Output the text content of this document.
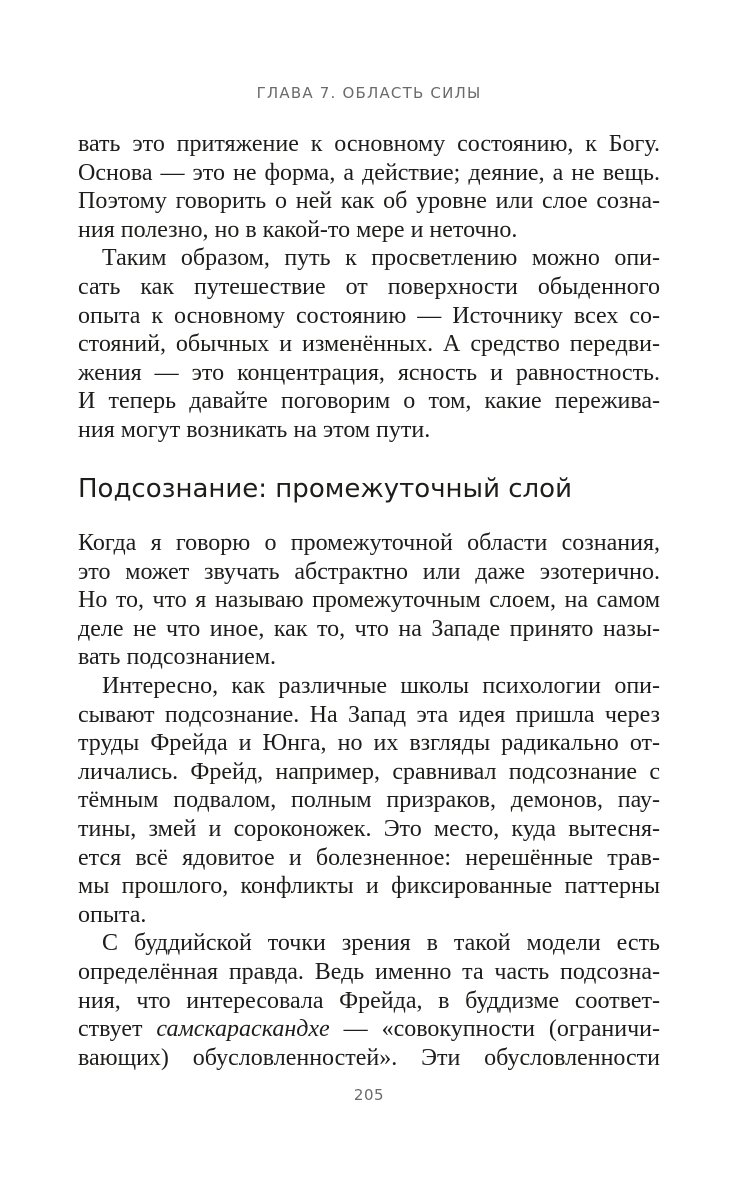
ГЛАВА 7. ОБЛАСТЬ СИЛЫ
вать это притяжение к основному состоянию, к Богу.
Основа — это не форма, а действие; деяние, а не вещь.
Поэтому говорить о ней как об уровне или слое созна-
ния полезно, но в какой-то мере и неточно.
Таким образом, путь к просветлению можно опи-
сать как путешествие от поверхности обыденного
опыта к основному состоянию — Источнику всех со-
стояний, обычных и изменённых. А средство передви-
жения — это концентрация, ясность и равностность.
И теперь давайте поговорим о том, какие пережива-
ния могут возникать на этом пути.
Подсознание: промежуточный слой
Когда я говорю о промежуточной области сознания,
это может звучать абстрактно или даже эзотерично.
Но то, что я называю промежуточным слоем, на самом
деле не что иное, как то, что на Западе принято назы-
вать подсознанием.
Интересно, как различные школы психологии опи-
сывают подсознание. На Запад эта идея пришла через
труды Фрейда и Юнга, но их взгляды радикально от-
личались. Фрейд, например, сравнивал подсознание с
тёмным подвалом, полным призраков, демонов, пау-
тины, змей и сороконожек. Это место, куда вытесня-
ется всё ядовитое и болезненное: нерешённые трав-
мы прошлого, конфликты и фиксированные паттерны
опыта.
С буддийской точки зрения в такой модели есть
определённая правда. Ведь именно та часть подсозна-
ния, что интересовала Фрейда, в буддизме соответ-
ствует самскараскандхе — «совокупности (ограничи-
вающих) обусловленностей». Эти обусловленности
205
